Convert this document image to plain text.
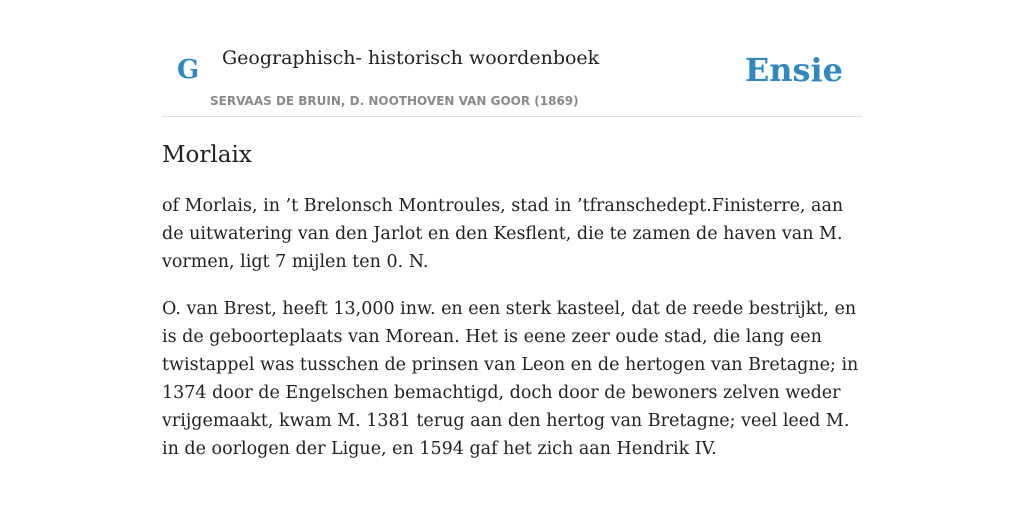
G Geographisch- historisch woordenboek
SERVAAS DE BRUIN, D. NOOTHOVEN VAN GOOR (1869)
Ensie
Morlaix

of Morlais, in ’t Brelonsch Montroules, stad in ’tfranschedept.Finisterre, aan de uitwatering van den Jarlot en den Kesflent, die te zamen de haven van M. vormen, ligt 7 mijlen ten 0. N.

O. van Brest, heeft 13,000 inw. en een sterk kasteel, dat de reede bestrijkt, en is de geboorteplaats van Morean. Het is eene zeer oude stad, die lang een twistappel was tusschen de prinsen van Leon en de hertogen van Bretagne; in 1374 door de Engelschen bemachtigd, doch door de bewoners zelven weder vrijgemaakt, kwam M. 1381 terug aan den hertog van Bretagne; veel leed M. in de oorlogen der Ligue, en 1594 gaf het zich aan Hendrik IV.
